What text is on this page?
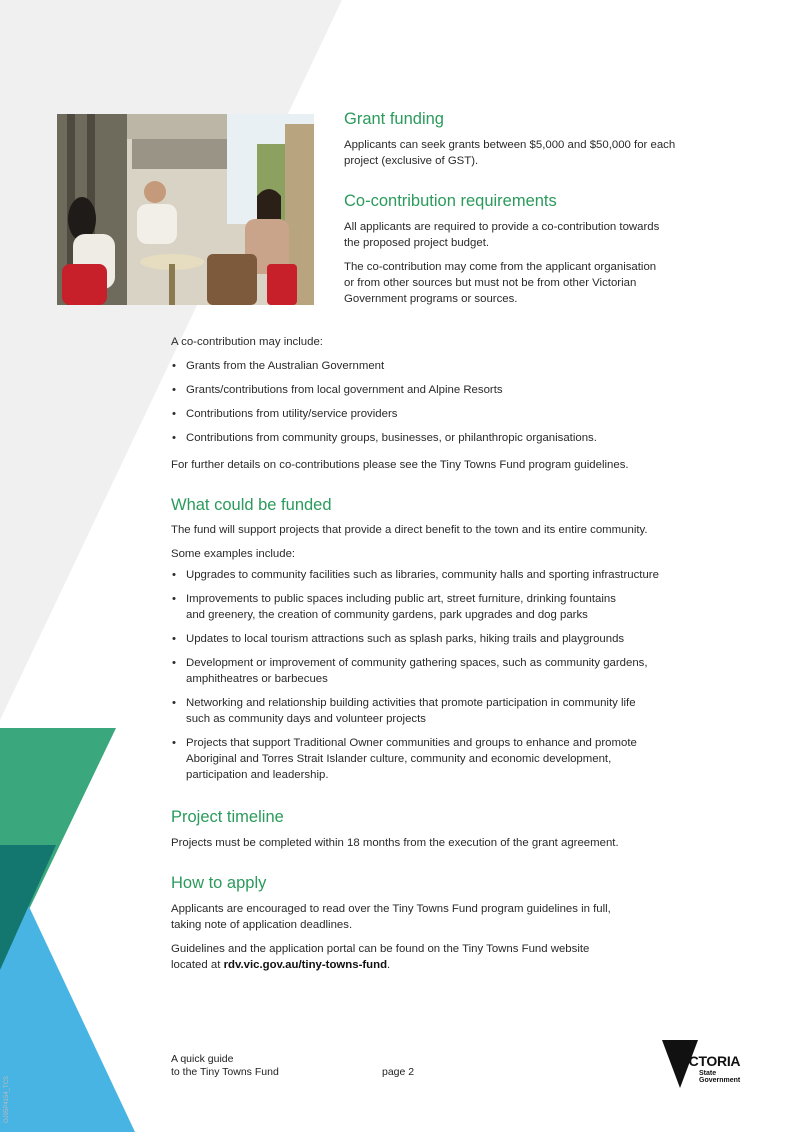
Grant funding

Applicants can seek grants between $5,000 and $50,000 for each
project (exclusive of GST).

Co-contribution requirements

All applicants are required to provide a co-contribution towards
the proposed project budget.

The co-contribution may come from the applicant organisation
or from other sources but must not be from other Victorian
Government programs or sources.

A co-contribution may include:

• Grants from the Australian Government
• Grants/contributions from local government and Alpine Resorts
• Contributions from utility/service providers
• Contributions from community groups, businesses, or philanthropic organisations.

For further details on co-contributions please see the Tiny Towns Fund program guidelines.

What could be funded

The fund will support projects that provide a direct benefit to the town and its entire community.

Some examples include:

• Upgrades to community facilities such as libraries, community halls and sporting infrastructure
• Improvements to public spaces including public art, street furniture, drinking fountains
and greenery, the creation of community gardens, park upgrades and dog parks
• Updates to local tourism attractions such as splash parks, hiking trails and playgrounds
• Development or improvement of community gathering spaces, such as community gardens,
amphitheatres or barbecues
• Networking and relationship building activities that promote participation in community life
such as community days and volunteer projects
• Projects that support Traditional Owner communities and groups to enhance and promote
Aboriginal and Torres Strait Islander culture, community and economic development,
participation and leadership.
Project timeline

Projects must be completed within 18 months from the execution of the grant agreement.

How to apply

Applicants are encouraged to read over the Tiny Towns Fund program guidelines in full,
taking note of application deadlines.

Guidelines and the application portal can be found on the Tiny Towns Fund website
located at rdv.vic.gov.au/tiny-towns-fund.

A quick guide
to the Tiny Towns Fund	page 2
VICTORIA
State
Government
OJ95P4154_TCS
